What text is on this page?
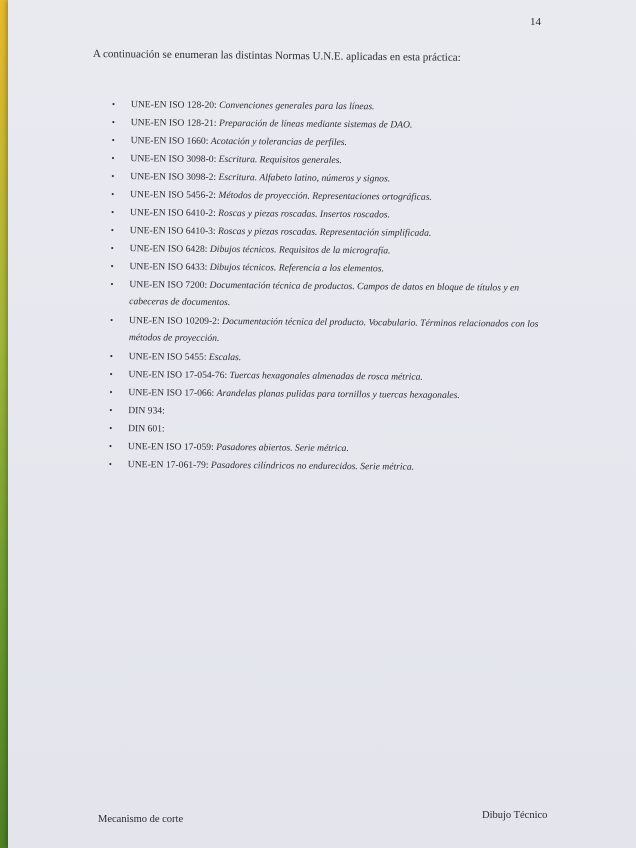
14
A continuación se enumeran las distintas Normas U.N.E. aplicadas en esta práctica:
• UNE-EN ISO 128-20: Convenciones generales para las líneas.
• UNE-EN ISO 128-21: Preparación de líneas mediante sistemas de DAO.
• UNE-EN ISO 1660: Acotación y tolerancias de perfiles.
• UNE-EN ISO 3098-0: Escritura. Requisitos generales.
• UNE-EN ISO 3098-2: Escritura. Alfabeto latino, números y signos.
• UNE-EN ISO 5456-2: Métodos de proyección. Representaciones ortográficas.
• UNE-EN ISO 6410-2: Roscas y piezas roscadas. Insertos roscados.
• UNE-EN ISO 6410-3: Roscas y piezas roscadas. Representación simplificada.
• UNE-EN ISO 6428: Dibujos técnicos. Requisitos de la micrografía.
• UNE-EN ISO 6433: Dibujos técnicos. Referencia a los elementos.
• UNE-EN ISO 7200: Documentación técnica de productos. Campos de datos en bloque de títulos y en cabeceras de documentos.
• UNE-EN ISO 10209-2: Documentación técnica del producto. Vocabulario. Términos relacionados con los métodos de proyección.
• UNE-EN ISO 5455: Escalas.
• UNE-EN ISO 17-054-76: Tuercas hexagonales almenadas de rosca métrica.
• UNE-EN ISO 17-066: Arandelas planas pulidas para tornillos y tuercas hexagonales.
• DIN 934:
• DIN 601:
• UNE-EN ISO 17-059: Pasadores abiertos. Serie métrica.
• UNE-EN 17-061-79: Pasadores cilíndricos no endurecidos. Serie métrica.
Mecanismo de corte	Dibujo Técnico
